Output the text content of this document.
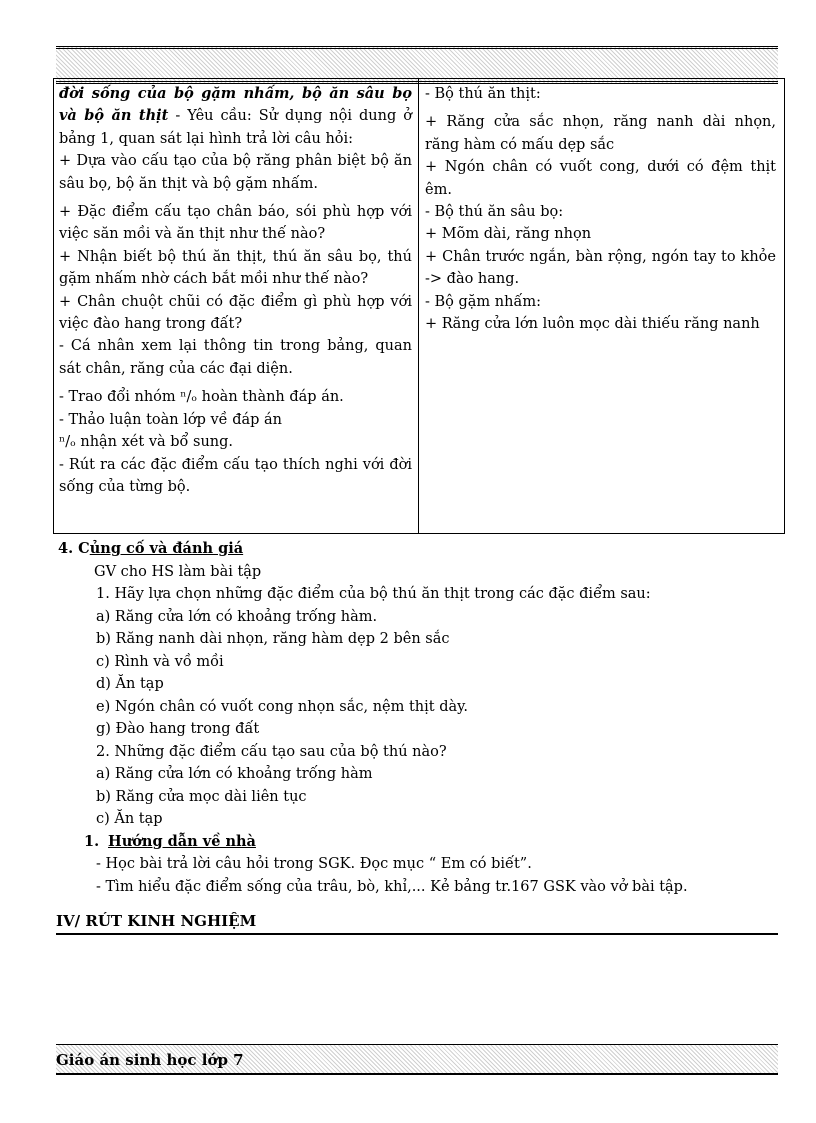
đời sống của bộ gặm nhấm, bộ ăn sâu bọ và bộ ăn thịt - Yêu cầu: Sử dụng nội dung ở bảng 1, quan sát lại hình trả lời câu hỏi:

+ Dựa vào cấu tạo của bộ răng phân biệt bộ ăn sâu bọ, bộ ăn thịt và bộ gặm nhấm.

+ Đặc điểm cấu tạo chân báo, sói phù hợp với việc săn mồi và ăn thịt như thế nào?

+ Nhận biết bộ thú ăn thịt, thú ăn sâu bọ, thú gặm nhấm nhờ cách bắt mồi như thế nào?

+ Chân chuột chũi có đặc điểm gì phù hợp với việc đào hang trong đất?

- Cá nhân xem lại thông tin trong bảng, quan sát chân, răng của các đại diện.

- Trao đổi nhóm ⁿ/ₒ hoàn thành đáp án.

- Thảo luận toàn lớp về đáp án

ⁿ/ₒ nhận xét và bổ sung.

- Rút ra các đặc điểm cấu tạo thích nghi với đời sống của từng bộ.

- Bộ thú ăn thịt:

+ Răng cửa sắc nhọn, răng nanh dài nhọn, răng hàm có mấu dẹp sắc

+ Ngón chân có vuốt cong, dưới có đệm thịt êm.

- Bộ thú ăn sâu bọ:

+ Mõm dài, răng nhọn

+ Chân trước ngắn, bàn rộng, ngón tay to khỏe -> đào hang.

- Bộ gặm nhấm:

+ Răng cửa lớn luôn mọc dài thiếu răng nanh

4. Củng cố và đánh giá

GV cho HS làm bài tập

1. Hãy lựa chọn những đặc điểm của bộ thú ăn thịt trong các đặc điểm sau:

a) Răng cửa lớn có khoảng trống hàm.

b) Răng nanh dài nhọn, răng hàm dẹp 2 bên sắc

c) Rình và vồ mồi

d) Ăn tạp

e) Ngón chân có vuốt cong nhọn sắc, nệm thịt dày.

g) Đào hang trong đất

2. Những đặc điểm cấu tạo sau của bộ thú nào?

a) Răng cửa lớn có khoảng trống hàm

b) Răng cửa mọc dài liên tục

c) Ăn tạp

1. Hướng dẫn về nhà

- Học bài trả lời câu hỏi trong SGK. Đọc mục “ Em có biết”.

- Tìm hiểu đặc điểm sống của trâu, bò, khỉ,... Kẻ bảng tr.167 GSK vào vở bài tập.

IV/ RÚT KINH NGHIỆM
Giáo án sinh học lớp 7
